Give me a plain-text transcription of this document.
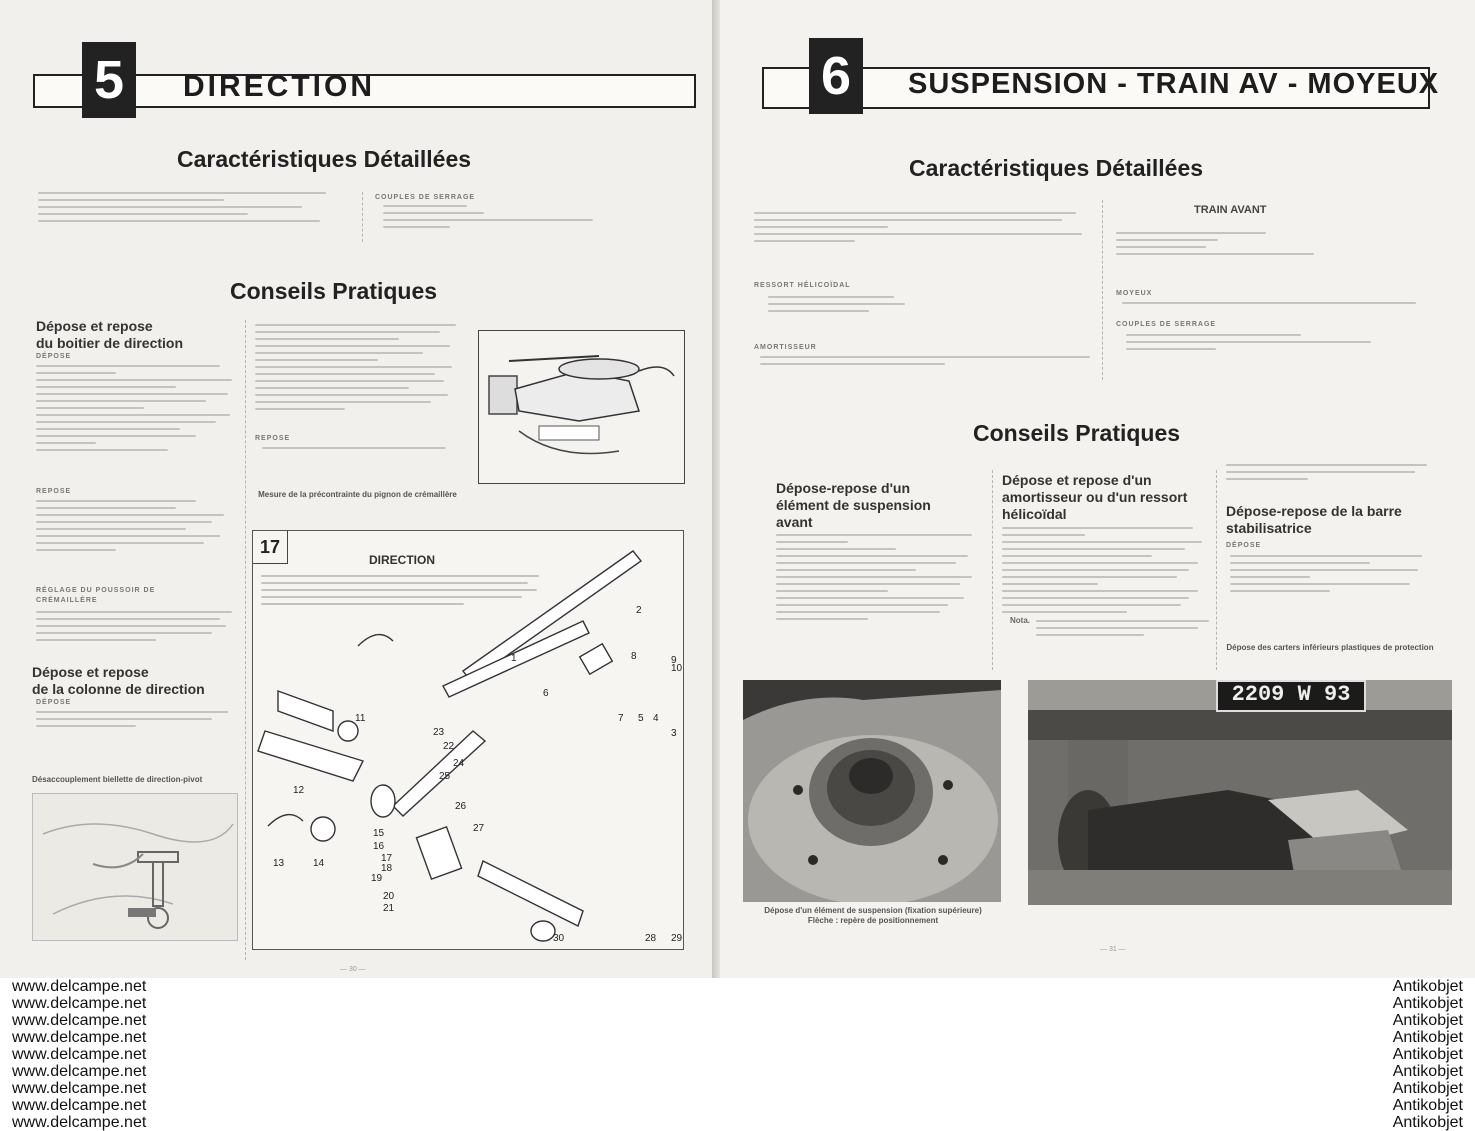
5	DIRECTION
Caractéristiques Détaillées
COUPLES DE SERRAGE
Conseils Pratiques
Dépose et repose
du boitier de direction
DÉPOSE
REPOSE
RÉGLAGE DU POUSSOIR DE CRÉMAILLÈRE
Dépose et repose
de la colonne de direction
DÉPOSE
Désaccouplement biellette de direction-pivot
REPOSE
Mesure de la précontrainte du pignon de crémaillère
17
DIRECTION
1
2
3
4
5
6
7
8	9
10
11
12
13	14
15
16
17
18
19
20
21
22
23
24
25
26
27
28 29
30
— 30 —
6	SUSPENSION - TRAIN AV - MOYEUX
Caractéristiques Détaillées
RESSORT HÉLICOÏDAL
AMORTISSEUR
TRAIN AVANT
MOYEUX
COUPLES DE SERRAGE
Conseils Pratiques
Dépose-repose d'un élément de suspension avant
Dépose et repose d'un amortisseur ou d'un ressort hélicoïdal
Nota.
Dépose-repose de la barre stabilisatrice
DÉPOSE
Dépose des carters inférieurs plastiques de protection
Dépose d'un élément de suspension (fixation supérieure)
Flèche : repère de positionnement
2209 W 93
— 31 —
www.delcampe.net
www.delcampe.net
www.delcampe.net
www.delcampe.net
www.delcampe.net
www.delcampe.net
www.delcampe.net
www.delcampe.net
www.delcampe.net
Antikobjet
Antikobjet
Antikobjet
Antikobjet
Antikobjet
Antikobjet
Antikobjet
Antikobjet
Antikobjet
